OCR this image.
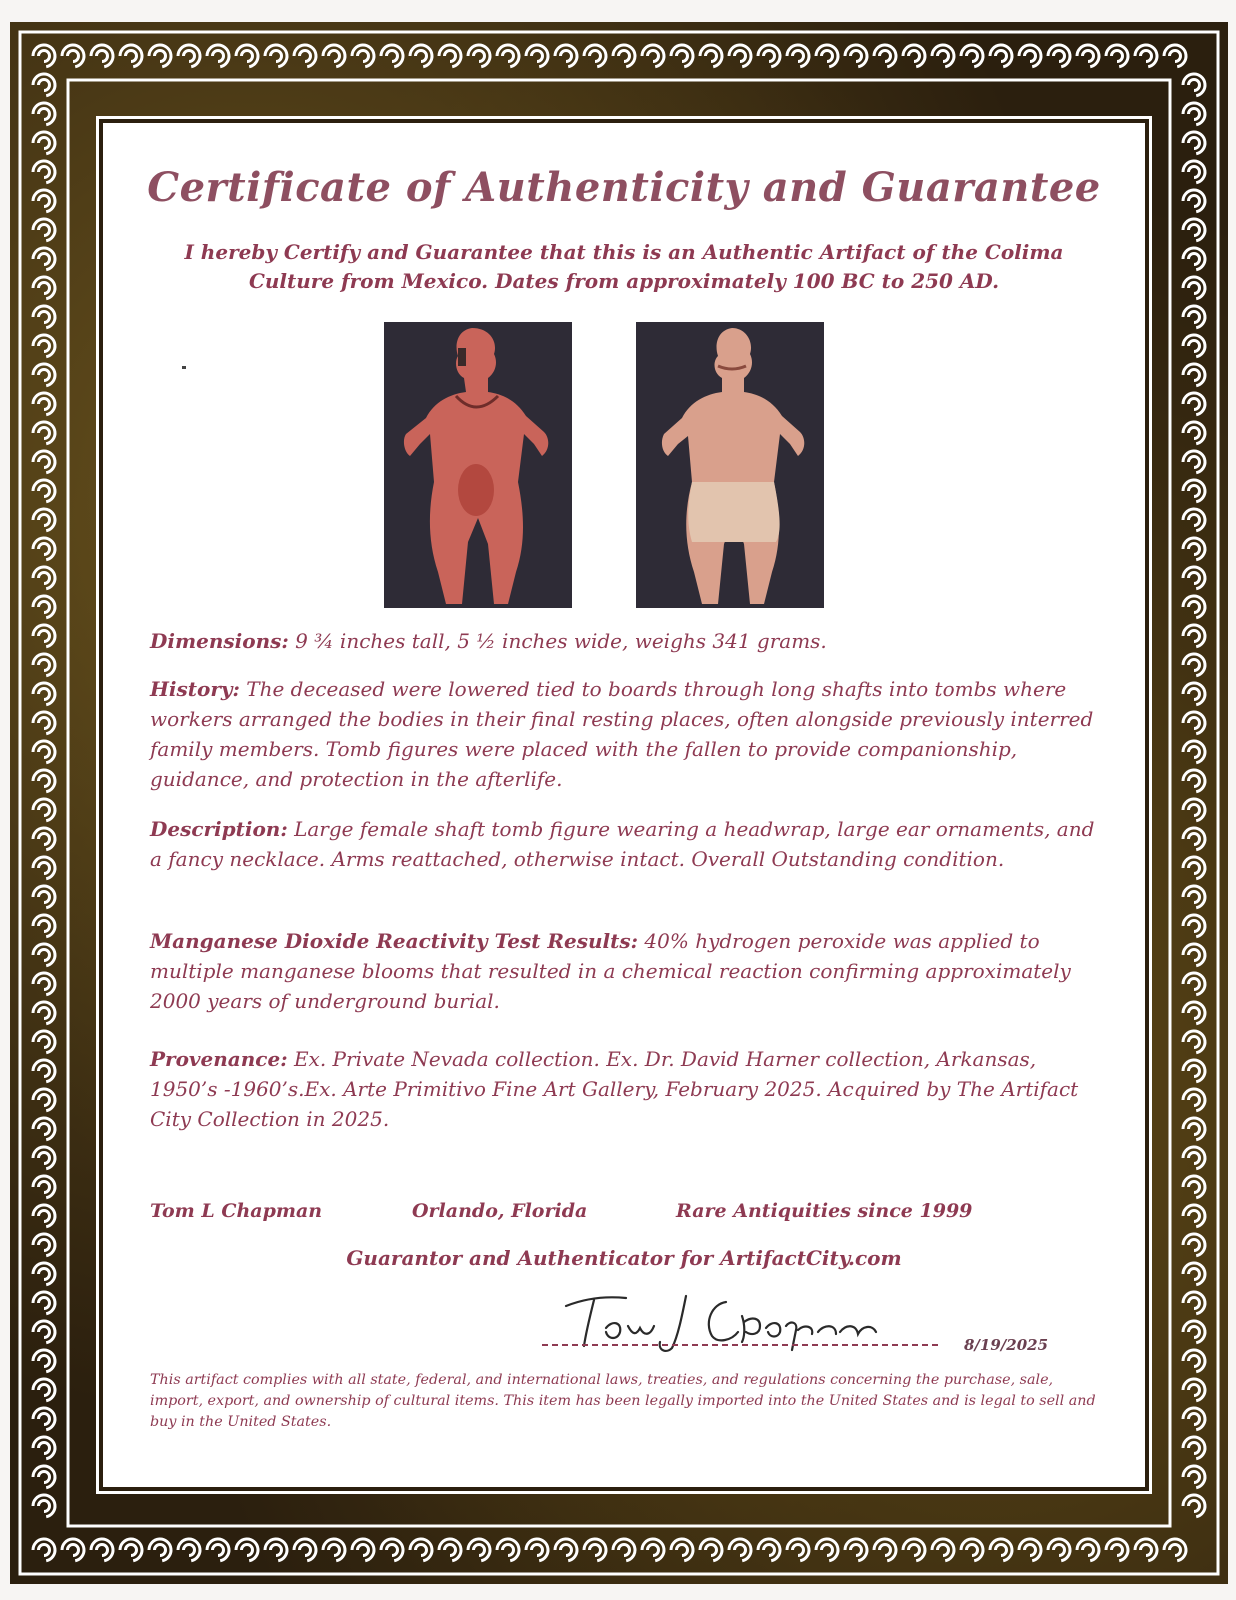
Certificate of Authenticity and Guarantee
I hereby Certify and Guarantee that this is an Authentic Artifact of the Colima
Culture from Mexico. Dates from approximately 100 BC to 250 AD.
Dimensions: 9 ¾ inches tall, 5 ½ inches wide, weighs 341 grams.
History: The deceased were lowered tied to boards through long shafts into tombs where workers arranged the bodies in their final resting places, often alongside previously interred family members. Tomb figures were placed with the fallen to provide companionship, guidance, and protection in the afterlife.
Description: Large female shaft tomb figure wearing a headwrap, large ear ornaments, and a fancy necklace. Arms reattached, otherwise intact. Overall Outstanding condition.
Manganese Dioxide Reactivity Test Results: 40% hydrogen peroxide was applied to multiple manganese blooms that resulted in a chemical reaction confirming approximately 2000 years of underground burial.
Provenance: Ex. Private Nevada collection. Ex. Dr. David Harner collection, Arkansas, 1950’s -1960’s.Ex. Arte Primitivo Fine Art Gallery, February 2025. Acquired by The Artifact City Collection in 2025.
Tom L Chapman	Orlando, Florida	Rare Antiquities since 1999
Guarantor and Authenticator for ArtifactCity.com
8/19/2025
This artifact complies with all state, federal, and international laws, treaties, and regulations concerning the purchase, sale, import, export, and ownership of cultural items. This item has been legally imported into the United States and is legal to sell and buy in the United States.
